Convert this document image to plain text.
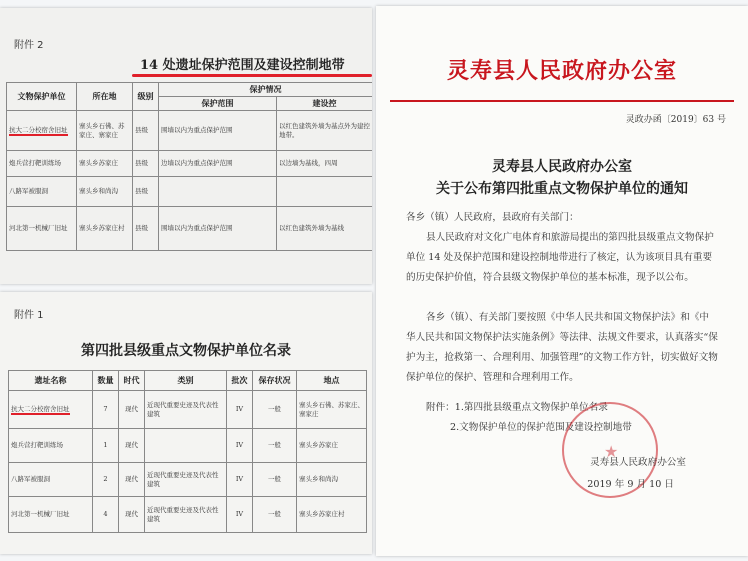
附件 2
14 处遗址保护范围及建设控制地带
文物保护单位	所在地	级别	保护情况	
			保护范围	建设控
抗大二分校宿舍旧址	寨头乡石佛、苏家庄、寨家庄	县级	围墙以内为重点保护范围	以红色建筑外墙为基点外为建控地带。
炮兵营打靶训练场	寨头乡苏家庄	县级	边墙以内为重点保护范围	以边墙为基线，四周
八路军被服洞	寨头乡和尚沟	县级		
河北第一机械厂旧址	寨头乡苏家庄村	县级	围墙以内为重点保护范围	以红色建筑外墙为基线
附件 1
第四批县级重点文物保护单位名录
遗址名称	数量	时代	类别	批次	保存状况	地点
抗大二分校宿舍旧址	7	现代	近现代重要史迹及代表性建筑	IV	一般	寨头乡石佛、苏家庄、寨家庄
炮兵营打靶训练场	1	现代		IV	一般	寨头乡苏家庄
八路军被服洞	2	现代	近现代重要史迹及代表性建筑	IV	一般	寨头乡和尚沟
河北第一机械厂旧址	4	现代	近现代重要史迹及代表性建筑	IV	一般	寨头乡苏家庄村
灵寿县人民政府办公室
灵政办函〔2019〕63 号
灵寿县人民政府办公室
关于公布第四批重点文物保护单位的通知
各乡（镇）人民政府，县政府有关部门：
县人民政府对文化广电体育和旅游局提出的第四批县级重点文物保护单位 14 处及保护范围和建设控制地带进行了核定，认为该项目具有重要的历史保护价值，符合县级文物保护单位的基本标准，现予以公布。
各乡（镇）、有关部门要按照《中华人民共和国文物保护法》和《中华人民共和国文物保护法实施条例》等法律、法规文件要求，认真落实“保护为主，抢救第一、合理利用、加强管理”的文物工作方针，切实做好文物保护单位的保护、管理和合理利用工作。
附件：1.第四批县级重点文物保护单位名录
2.文物保护单位的保护范围及建设控制地带
★
灵寿县人民政府办公室
2019 年 9 月 10 日
